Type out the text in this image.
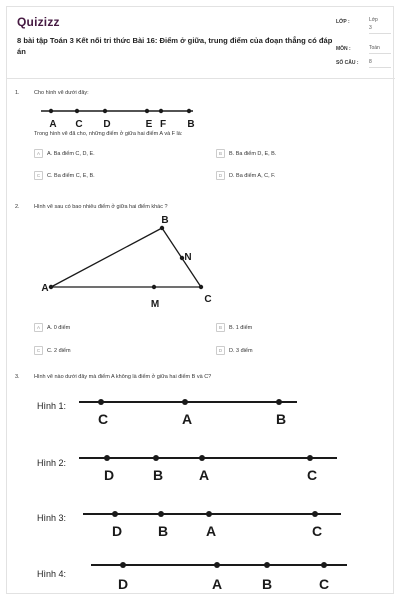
Quizizz
8 bài tập Toán 3 Kết nối tri thức Bài 16: Điểm ở giữa, trung điểm của đoạn thẳng có đáp án
LỚP :	Lớp
3
MÔN :	Toán
SỐ CÂU : 8
1.	Cho hình vẽ dưới đây:
A C D	E F B
Trong hình vẽ đã cho, những điểm ở giữa hai điểm A và F là:
A	A. Ba điểm C, D, E.	B	B. Ba điểm D, E, B.
C	C. Ba điểm C, E, B.	D	D. Ba điểm A, C, F.
2.	Hình vẽ sau có bao nhiêu điểm ở giữa hai điểm khác ?
B
N
A
M	C
A	A. 0 điểm	B	B. 1 điểm
C	C. 2 điểm	D	D. 3 điểm
3.	Hình vẽ nào dưới đây mà điểm A không là điểm ở giữa hai điểm B và C?
Hình 1:
C	A	B
Hình 2:
D	B	A	C
Hình 3:
D	B	A	C
Hình 4:
D	A	B	C
